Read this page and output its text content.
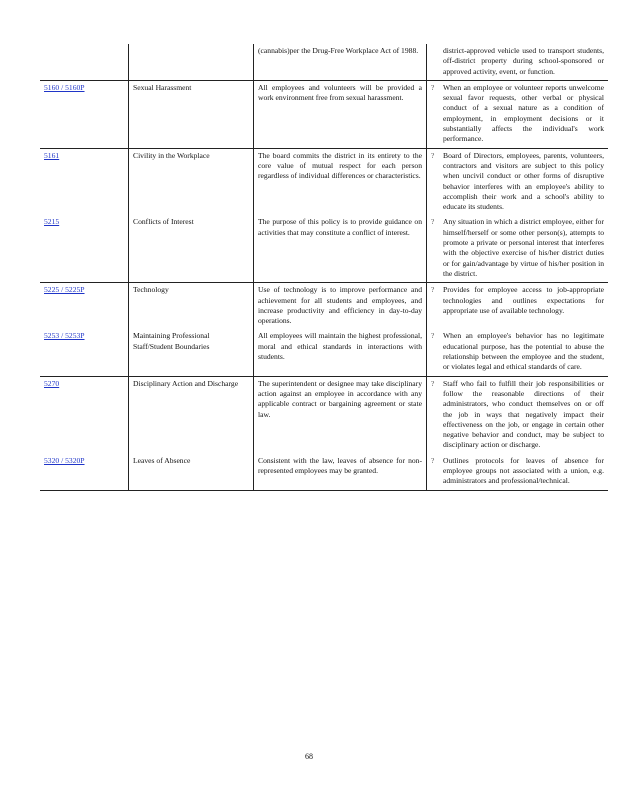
		(cannabis)per the Drug-Free Workplace Act of 1988.	district-approved vehicle used to transport students, off-district property during school-sponsored or approved activity, event, or function.

5160 / 5160P	Sexual Harassment	All employees and volunteers will be provided a work environment free from sexual harassment.	? When an employee or volunteer reports unwelcome sexual favor requests, other verbal or physical conduct of a sexual nature as a condition of employment, in employment decisions or it substantially affects the individual's work performance.

5161	Civility in the Workplace	The board commits the district in its entirety to the core value of mutual respect for each person regardless of individual differences or characteristics.	? Board of Directors, employees, parents, volunteers, contractors and visitors are subject to this policy when uncivil conduct or other forms of disruptive behavior interferes with an employee's ability to accomplish their work and a school's ability to educate its students.

5215	Conflicts of Interest	The purpose of this policy is to provide guidance on activities that may constitute a conflict of interest.	? Any situation in which a district employee, either for himself/herself or some other person(s), attempts to promote a private or personal interest that interferes with the objective exercise of his/her district duties or for gain/advantage by virtue of his/her position in the district.

5225 / 5225P	Technology	Use of technology is to improve performance and achievement for all students and employees, and increase productivity and efficiency in day-to-day operations.	? Provides for employee access to job-appropriate technologies and outlines expectations for appropriate use of available technology.

5253 / 5253P	Maintaining Professional Staff/Student Boundaries	All employees will maintain the highest professional, moral and ethical standards in interactions with students.	? When an employee's behavior has no legitimate educational purpose, has the potential to abuse the relationship between the employee and the student, or violates legal and ethical standards of care.

5270	Disciplinary Action and Discharge	The superintendent or designee may take disciplinary action against an employee in accordance with any applicable contract or bargaining agreement or state law.	? Staff who fail to fulfill their job responsibilities or follow the reasonable directions of their administrators, who conduct themselves on or off the job in ways that negatively impact their effectiveness on the job, or engage in certain other negative behavior and conduct, may be subject to disciplinary action or discharge.

5320 / 5320P	Leaves of Absence	Consistent with the law, leaves of absence for non-represented employees may be granted.	? Outlines protocols for leaves of absence for employee groups not associated with a union, e.g. administrators and professional/technical.
68
